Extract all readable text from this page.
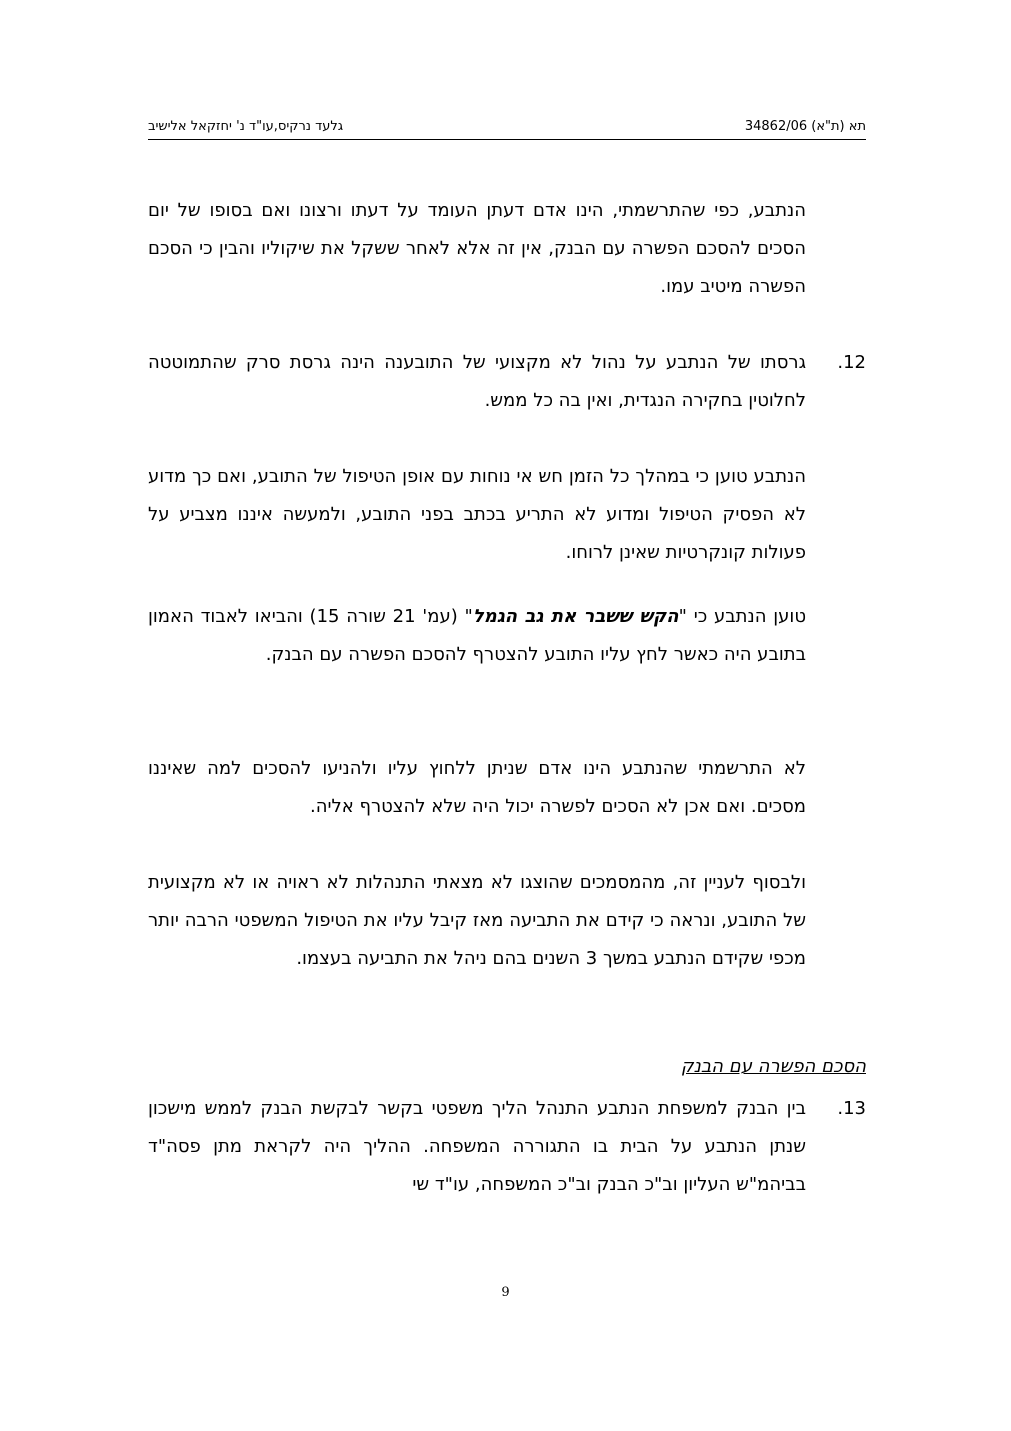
תא (ת"א) 34862/06
גלעד נרקיס,עו"ד נ' יחזקאל אלישיב
הנתבע, כפי שהתרשמתי, הינו אדם דעתן העומד על דעתו ורצונו ואם בסופו של יום הסכים להסכם הפשרה עם הבנק, אין זה אלא לאחר ששקל את שיקוליו והבין כי הסכם הפשרה מיטיב עמו.
12.
גרסתו של הנתבע על נהול לא מקצועי של התובענה הינה גרסת סרק שהתמוטטה לחלוטין בחקירה הנגדית, ואין בה כל ממש.
הנתבע טוען כי במהלך כל הזמן חש אי נוחות עם אופן הטיפול של התובע, ואם כך מדוע לא הפסיק הטיפול ומדוע לא התריע בכתב בפני התובע, ולמעשה איננו מצביע על פעולות קונקרטיות שאינן לרוחו.
טוען הנתבע כי "הקש ששבר את גב הגמל" (עמ' 21 שורה 15) והביאו לאבוד האמון בתובע היה כאשר לחץ עליו התובע להצטרף להסכם הפשרה עם הבנק.
לא התרשמתי שהנתבע הינו אדם שניתן ללחוץ עליו ולהניעו להסכים למה שאיננו מסכים. ואם אכן לא הסכים לפשרה יכול היה שלא להצטרף אליה.
ולבסוף לעניין זה, מהמסמכים שהוצגו לא מצאתי התנהלות לא ראויה או לא מקצועית של התובע, ונראה כי קידם את התביעה מאז קיבל עליו את הטיפול המשפטי הרבה יותר מכפי שקידם הנתבע במשך 3 השנים בהם ניהל את התביעה בעצמו.
הסכם הפשרה עם הבנק
13.
בין הבנק למשפחת הנתבע התנהל הליך משפטי בקשר לבקשת הבנק לממש מישכון שנתן הנתבע על הבית בו התגוררה המשפחה. ההליך היה לקראת מתן פסה"ד בביהמ"ש העליון וב"כ הבנק וב"כ המשפחה, עו"ד שי
9
